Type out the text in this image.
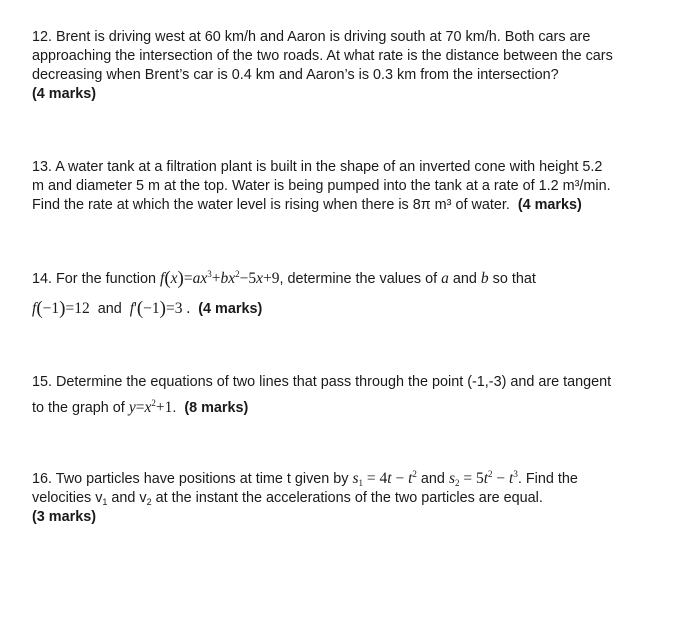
12. Brent is driving west at 60 km/h and Aaron is driving south at 70 km/h. Both cars are
approaching the intersection of the two roads. At what rate is the distance between the cars
decreasing when Brent’s car is 0.4 km and Aaron’s is 0.3 km from the intersection?
(4 marks)
13. A water tank at a filtration plant is built in the shape of an inverted cone with height 5.2
m and diameter 5 m at the top. Water is being pumped into the tank at a rate of 1.2 m³/min.
Find the rate at which the water level is rising when there is 8π m³ of water. (4 marks)
14. For the function $f(x)=ax^3+bx^2-5x+9$, determine the values of a and b so that
f(−1)=12 and f'(−1)=3 . (4 marks)
15. Determine the equations of two lines that pass through the point (-1,-3) and are tangent
to the graph of $y=x^2+1$. (8 marks)
16. Two particles have positions at time t given by $s_1 = 4t - t^2$ and $s_2 = 5t^2 - t^3$. Find the
velocities $v_1$ and $v_2$ at the instant the accelerations of the two particles are equal.
(3 marks)
